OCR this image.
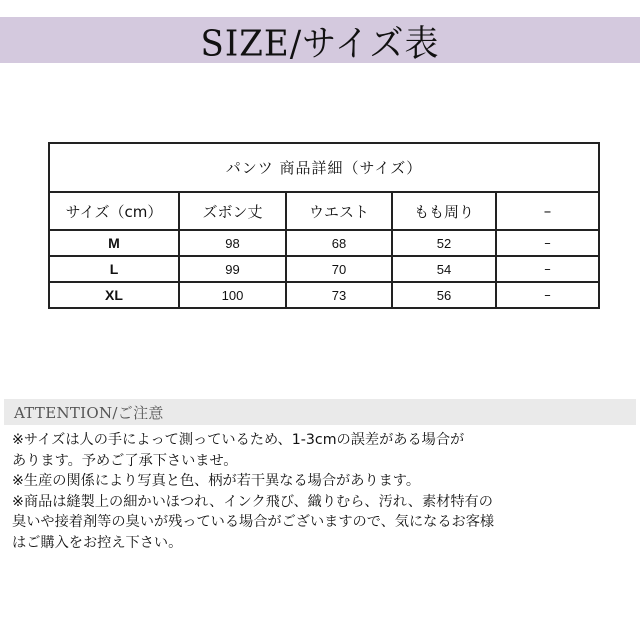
SIZE/サイズ表
パンツ 商品詳細（サイズ）				
サイズ（cm）	ズボン丈	ウエスト	もも周り	–
M	98	68	52	–
L	99	70	54	–
XL	100	73	56	–
ATTENTION/ご注意
※サイズは人の手によって測っているため、1-3cmの誤差がある場合が
あります。予めご了承下さいませ。
※生産の関係により写真と色、柄が若干異なる場合があります。
※商品は縫製上の細かいほつれ、インク飛び、織りむら、汚れ、素材特有の
臭いや接着剤等の臭いが残っている場合がございますので、気になるお客様
はご購入をお控え下さい。
